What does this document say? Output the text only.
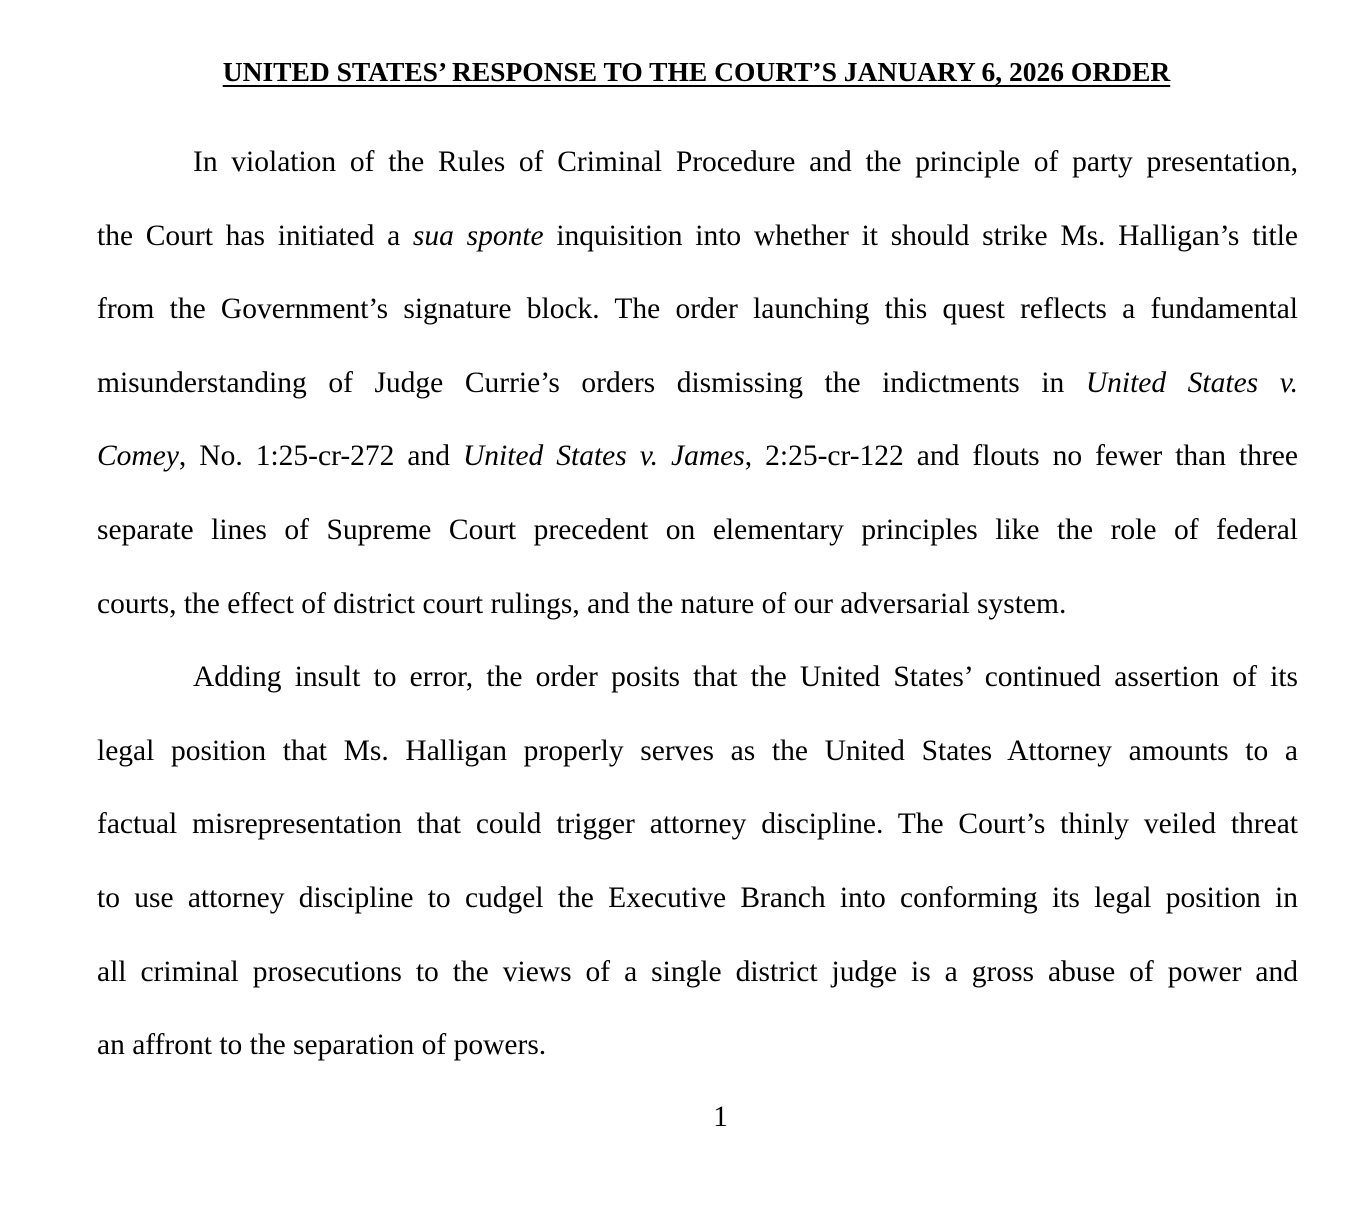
UNITED STATES’ RESPONSE TO THE COURT’S JANUARY 6, 2026 ORDER

In violation of the Rules of Criminal Procedure and the principle of party presentation,
the Court has initiated a sua sponte inquisition into whether it should strike Ms. Halligan’s title
from the Government’s signature block. The order launching this quest reflects a fundamental
misunderstanding of Judge Currie’s orders dismissing the indictments in United States v.
Comey, No. 1:25-cr-272 and United States v. James, 2:25-cr-122 and flouts no fewer than three
separate lines of Supreme Court precedent on elementary principles like the role of federal
courts, the effect of district court rulings, and the nature of our adversarial system.

Adding insult to error, the order posits that the United States’ continued assertion of its
legal position that Ms. Halligan properly serves as the United States Attorney amounts to a
factual misrepresentation that could trigger attorney discipline. The Court’s thinly veiled threat
to use attorney discipline to cudgel the Executive Branch into conforming its legal position in
all criminal prosecutions to the views of a single district judge is a gross abuse of power and
an affront to the separation of powers.

1
